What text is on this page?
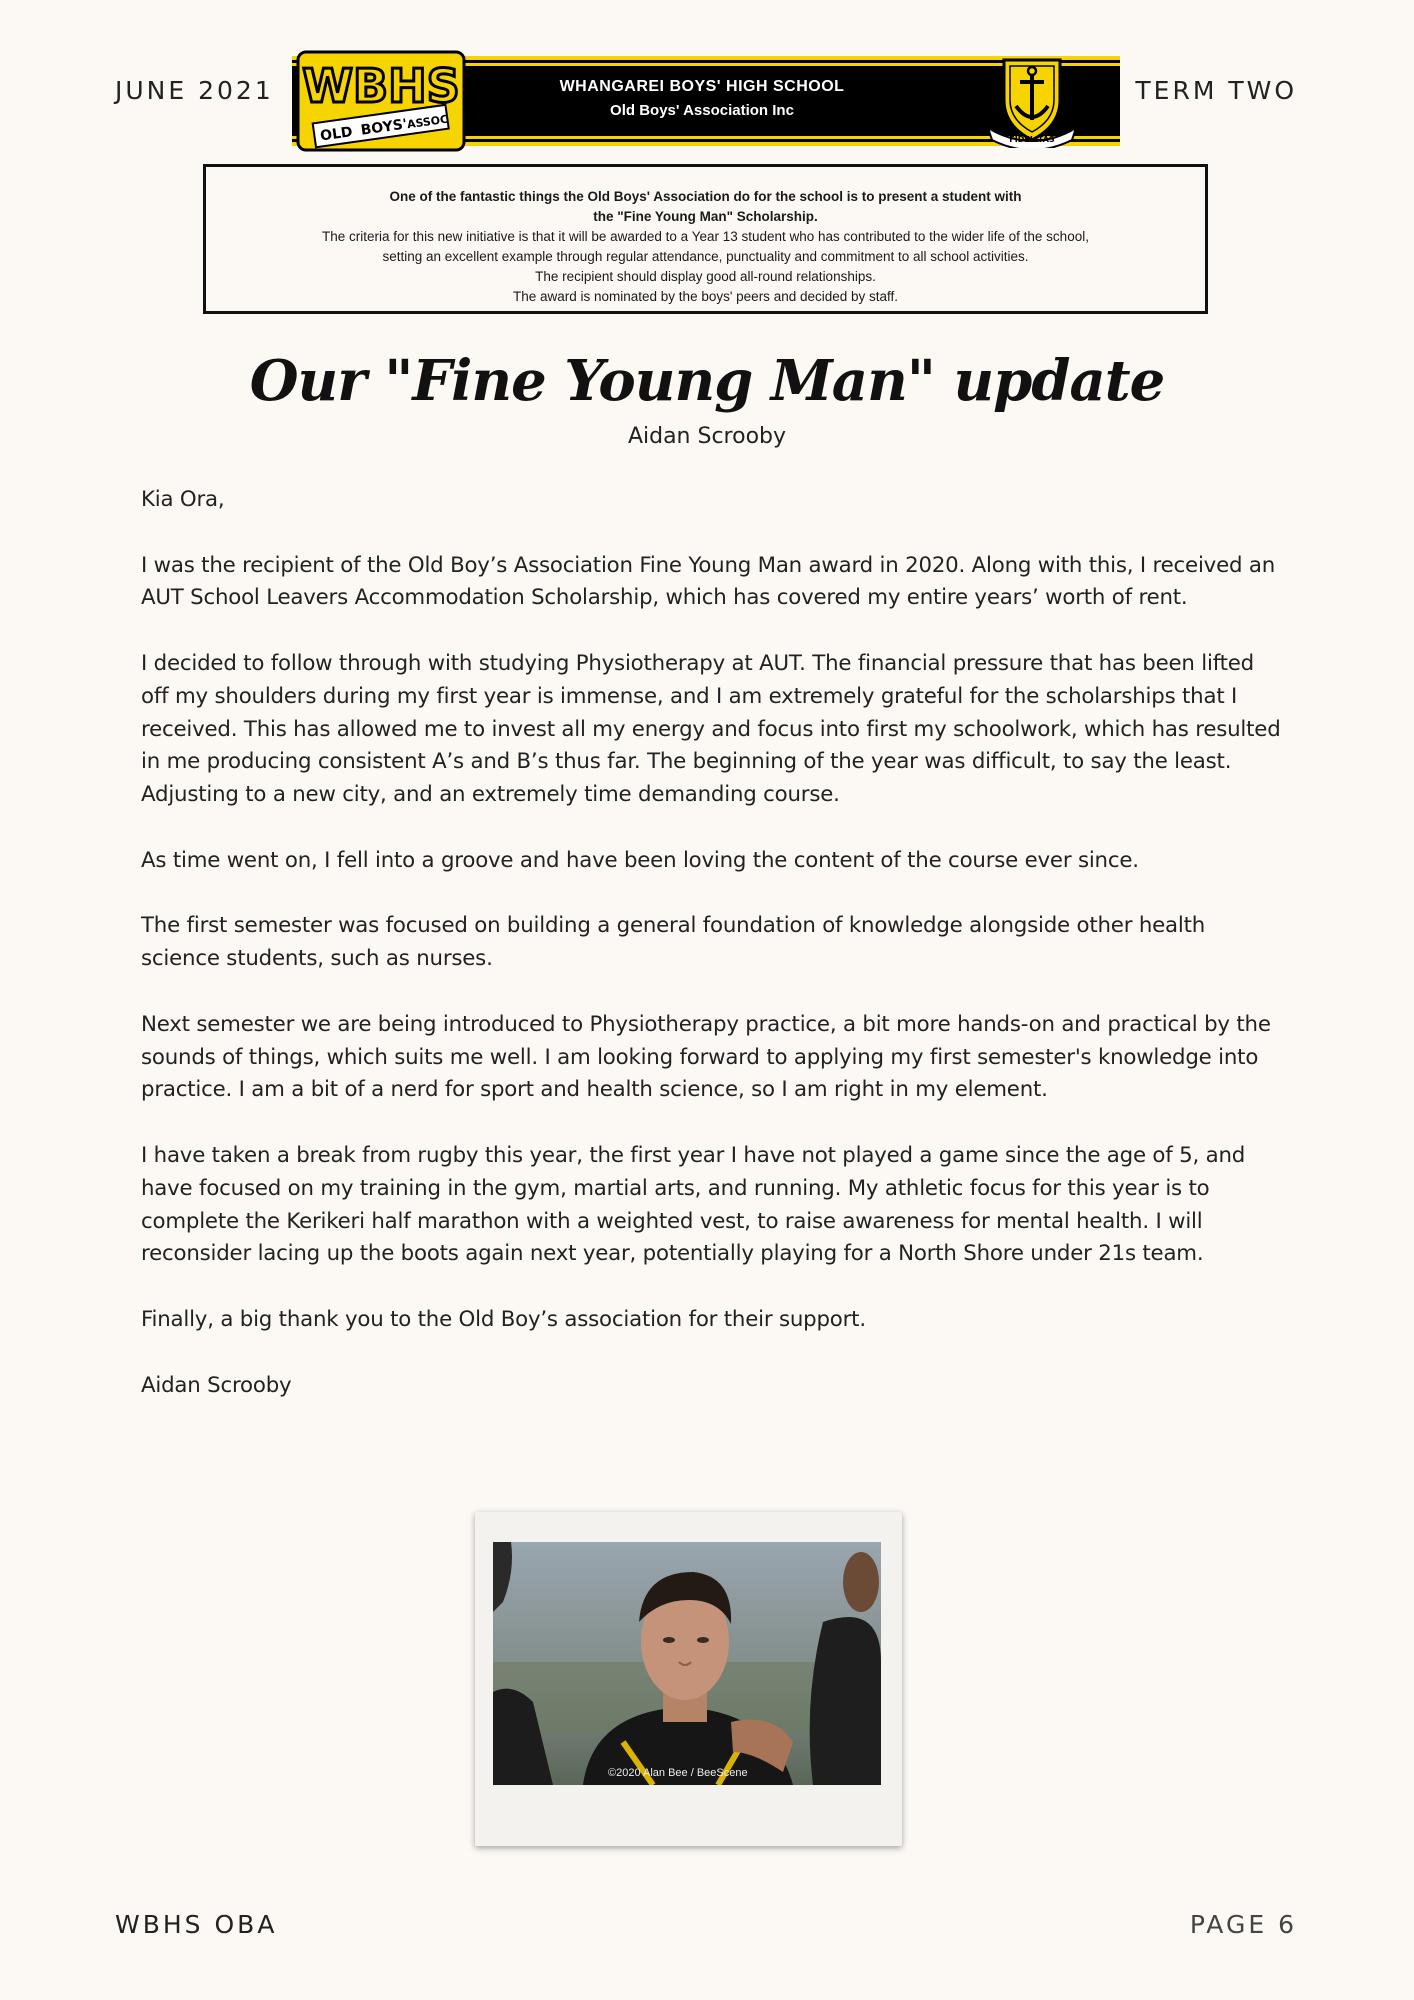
JUNE 2021	TERM TWO
WBHS
OLD BOYS'
ASSOC
WHANGAREI BOYS' HIGH SCHOOL
Old Boys' Association Inc
FIDELITAS
One of the fantastic things the Old Boys' Association do for the school is to present a student with
the "Fine Young Man" Scholarship.
The criteria for this new initiative is that it will be awarded to a Year 13 student who has contributed to the wider life of the school,
setting an excellent example through regular attendance, punctuality and commitment to all school activities.
The recipient should display good all-round relationships.
The award is nominated by the boys' peers and decided by staff.
Our "Fine Young Man" update
Aidan Scrooby

Kia Ora,

I was the recipient of the Old Boy’s Association Fine Young Man award in 2020. Along with this, I received an AUT School Leavers Accommodation Scholarship, which has covered my entire years’ worth of rent.

I decided to follow through with studying Physiotherapy at AUT. The financial pressure that has been lifted off my shoulders during my first year is immense, and I am extremely grateful for the scholarships that I received. This has allowed me to invest all my energy and focus into first my schoolwork, which has resulted in me producing consistent A’s and B’s thus far. The beginning of the year was difficult, to say the least. Adjusting to a new city, and an extremely time demanding course.

As time went on, I fell into a groove and have been loving the content of the course ever since.

The first semester was focused on building a general foundation of knowledge alongside other health science students, such as nurses.

Next semester we are being introduced to Physiotherapy practice, a bit more hands-on and practical by the sounds of things, which suits me well. I am looking forward to applying my first semester's knowledge into practice. I am a bit of a nerd for sport and health science, so I am right in my element.

I have taken a break from rugby this year, the first year I have not played a game since the age of 5, and have focused on my training in the gym, martial arts, and running. My athletic focus for this year is to complete the Kerikeri half marathon with a weighted vest, to raise awareness for mental health. I will reconsider lacing up the boots again next year, potentially playing for a North Shore under 21s team.

Finally, a big thank you to the Old Boy’s association for their support.

Aidan Scrooby

©2020 Alan Bee / BeeScene
WBHS OBA	PAGE 6
